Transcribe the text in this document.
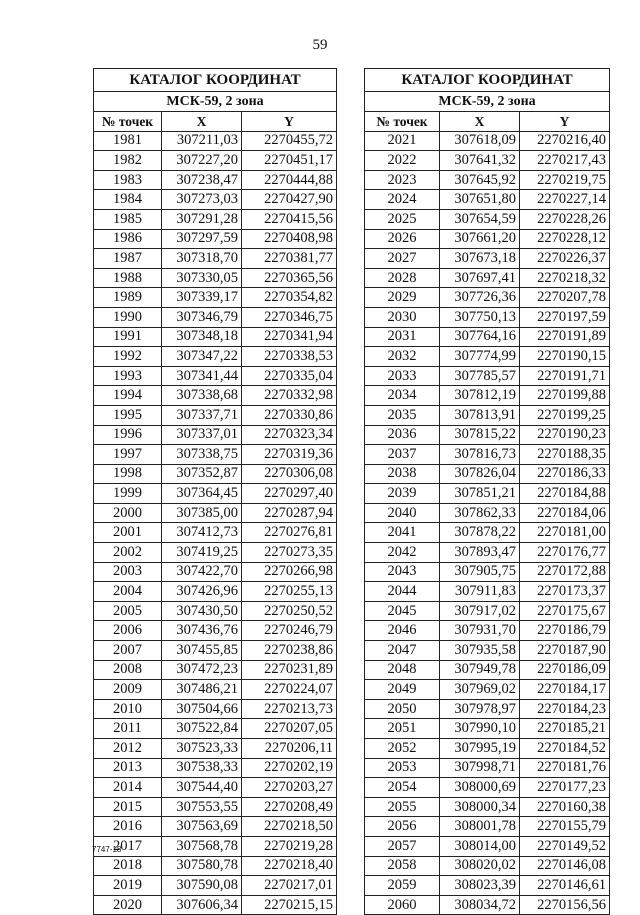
59
КАТАЛОГ КООРДИНАТ		
МСК-59, 2 зона		
№ точек	X	Y
1981	307211,03	2270455,72
1982	307227,20	2270451,17
1983	307238,47	2270444,88
1984	307273,03	2270427,90
1985	307291,28	2270415,56
1986	307297,59	2270408,98
1987	307318,70	2270381,77
1988	307330,05	2270365,56
1989	307339,17	2270354,82
1990	307346,79	2270346,75
1991	307348,18	2270341,94
1992	307347,22	2270338,53
1993	307341,44	2270335,04
1994	307338,68	2270332,98
1995	307337,71	2270330,86
1996	307337,01	2270323,34
1997	307338,75	2270319,36
1998	307352,87	2270306,08
1999	307364,45	2270297,40
2000	307385,00	2270287,94
2001	307412,73	2270276,81
2002	307419,25	2270273,35
2003	307422,70	2270266,98
2004	307426,96	2270255,13
2005	307430,50	2270250,52
2006	307436,76	2270246,79
2007	307455,85	2270238,86
2008	307472,23	2270231,89
2009	307486,21	2270224,07
2010	307504,66	2270213,73
2011	307522,84	2270207,05
2012	307523,33	2270206,11
2013	307538,33	2270202,19
2014	307544,40	2270203,27
2015	307553,55	2270208,49
2016	307563,69	2270218,50
2017	307568,78	2270219,28
2018	307580,78	2270218,40
2019	307590,08	2270217,01
2020	307606,34	2270215,15
КАТАЛОГ КООРДИНАТ		
МСК-59, 2 зона		
№ точек	X	Y
2021	307618,09	2270216,40
2022	307641,32	2270217,43
2023	307645,92	2270219,75
2024	307651,80	2270227,14
2025	307654,59	2270228,26
2026	307661,20	2270228,12
2027	307673,18	2270226,37
2028	307697,41	2270218,32
2029	307726,36	2270207,78
2030	307750,13	2270197,59
2031	307764,16	2270191,89
2032	307774,99	2270190,15
2033	307785,57	2270191,71
2034	307812,19	2270199,88
2035	307813,91	2270199,25
2036	307815,22	2270190,23
2037	307816,73	2270188,35
2038	307826,04	2270186,33
2039	307851,21	2270184,88
2040	307862,33	2270184,06
2041	307878,22	2270181,00
2042	307893,47	2270176,77
2043	307905,75	2270172,88
2044	307911,83	2270173,37
2045	307917,02	2270175,67
2046	307931,70	2270186,79
2047	307935,58	2270187,90
2048	307949,78	2270186,09
2049	307969,02	2270184,17
2050	307978,97	2270184,23
2051	307990,10	2270185,21
2052	307995,19	2270184,52
2053	307998,71	2270181,76
2054	308000,69	2270177,23
2055	308000,34	2270160,38
2056	308001,78	2270155,79
2057	308014,00	2270149,52
2058	308020,02	2270146,08
2059	308023,39	2270146,61
2060	308034,72	2270156,56
7747-18
